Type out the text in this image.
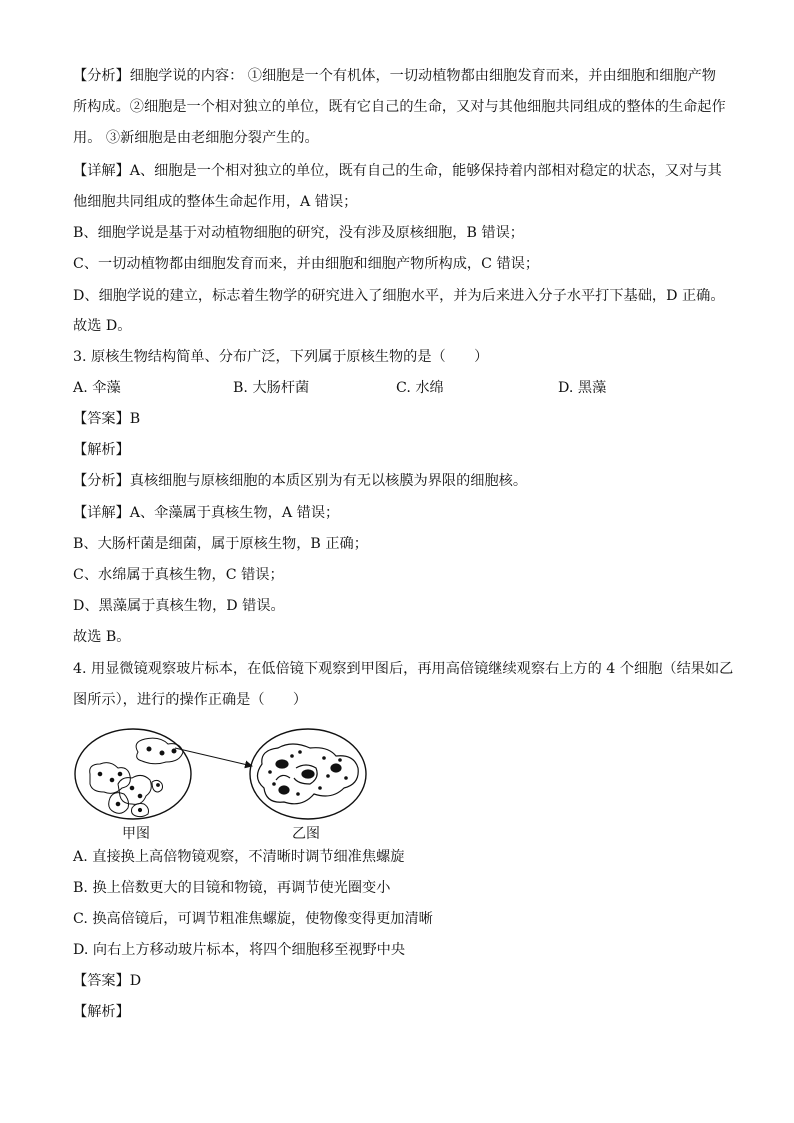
【分析】细胞学说的内容： ①细胞是一个有机体，一切动植物都由细胞发育而来，并由细胞和细胞产物
所构成。②细胞是一个相对独立的单位，既有它自己的生命，又对与其他细胞共同组成的整体的生命起作
用。 ③新细胞是由老细胞分裂产生的。
【详解】A、细胞是一个相对独立的单位，既有自己的生命，能够保持着内部相对稳定的状态，又对与其
他细胞共同组成的整体生命起作用，A 错误；
B、细胞学说是基于对动植物细胞的研究，没有涉及原核细胞，B 错误；
C、一切动植物都由细胞发育而来，并由细胞和细胞产物所构成，C 错误；
D、细胞学说的建立，标志着生物学的研究进入了细胞水平，并为后来进入分子水平打下基础，D 正确。
故选 D。
3. 原核生物结构简单、分布广泛，下列属于原核生物的是（　　）
A. 伞藻	B. 大肠杆菌	C. 水绵	D. 黑藻
【答案】B
【解析】
【分析】真核细胞与原核细胞的本质区别为有无以核膜为界限的细胞核。
【详解】A、伞藻属于真核生物，A 错误；
B、大肠杆菌是细菌，属于原核生物，B 正确；
C、水绵属于真核生物，C 错误；
D、黑藻属于真核生物，D 错误。
故选 B。
4. 用显微镜观察玻片标本，在低倍镜下观察到甲图后，再用高倍镜继续观察右上方的 4 个细胞（结果如乙
图所示），进行的操作正确是（　　）
甲图	乙图
A. 直接换上高倍物镜观察，不清晰时调节细准焦螺旋
B. 换上倍数更大的目镜和物镜，再调节使光圈变小
C. 换高倍镜后，可调节粗准焦螺旋，使物像变得更加清晰
D. 向右上方移动玻片标本，将四个细胞移至视野中央
【答案】D
【解析】
